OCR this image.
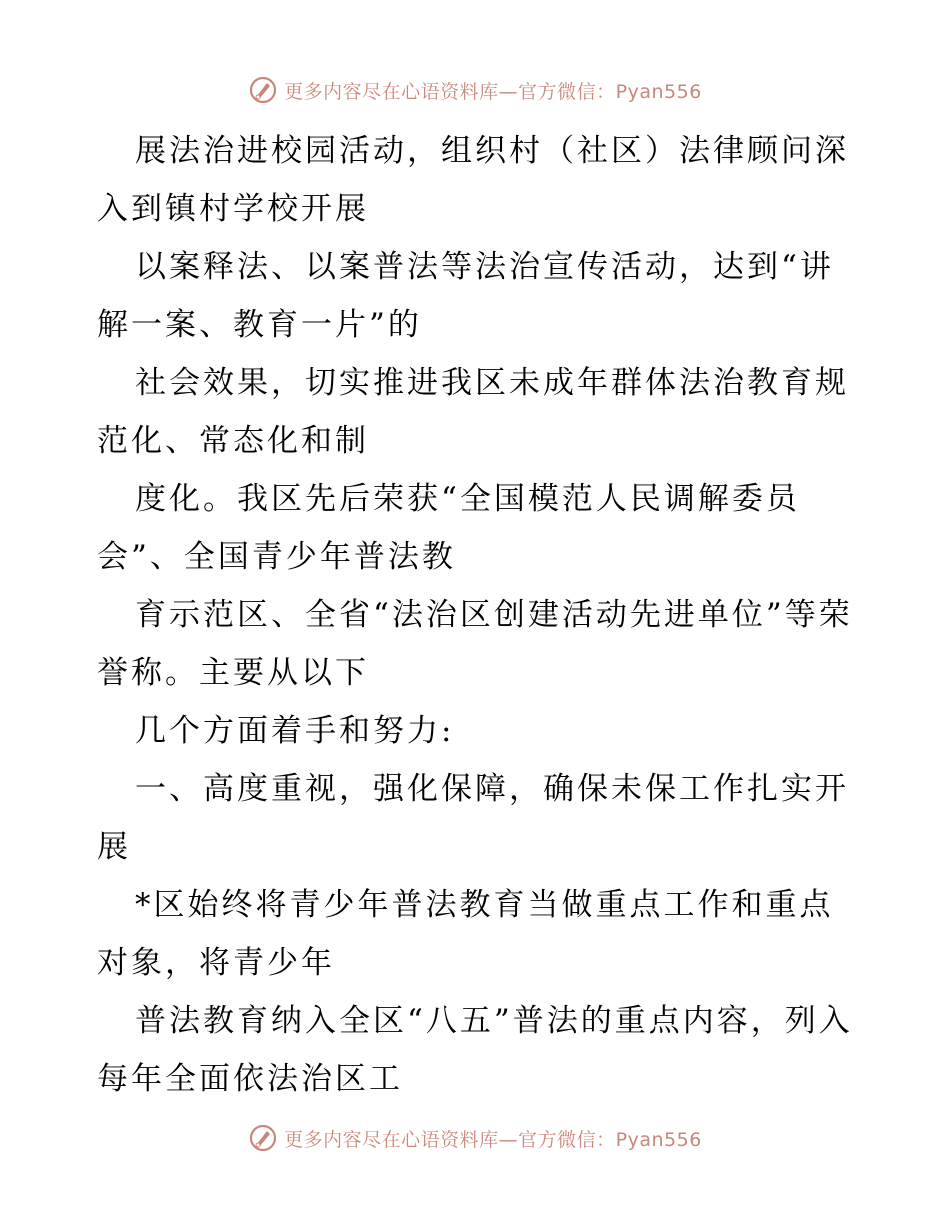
更多内容尽在心语资料库—官方微信：Pyan556

展法治进校园活动，组织村（社区）法律顾问深入到镇村学校开展

以案释法、以案普法等法治宣传活动，达到“讲解一案、教育一片”的

社会效果，切实推进我区未成年群体法治教育规范化、常态化和制

度化。我区先后荣获“全国模范人民调解委员会”、全国青少年普法教

育示范区、全省“法治区创建活动先进单位”等荣誉称。主要从以下

几个方面着手和努力:

一、高度重视，强化保障，确保未保工作扎实开展

*区始终将青少年普法教育当做重点工作和重点对象，将青少年

普法教育纳入全区“八五”普法的重点内容，列入每年全面依法治区工

更多内容尽在心语资料库—官方微信：Pyan556
